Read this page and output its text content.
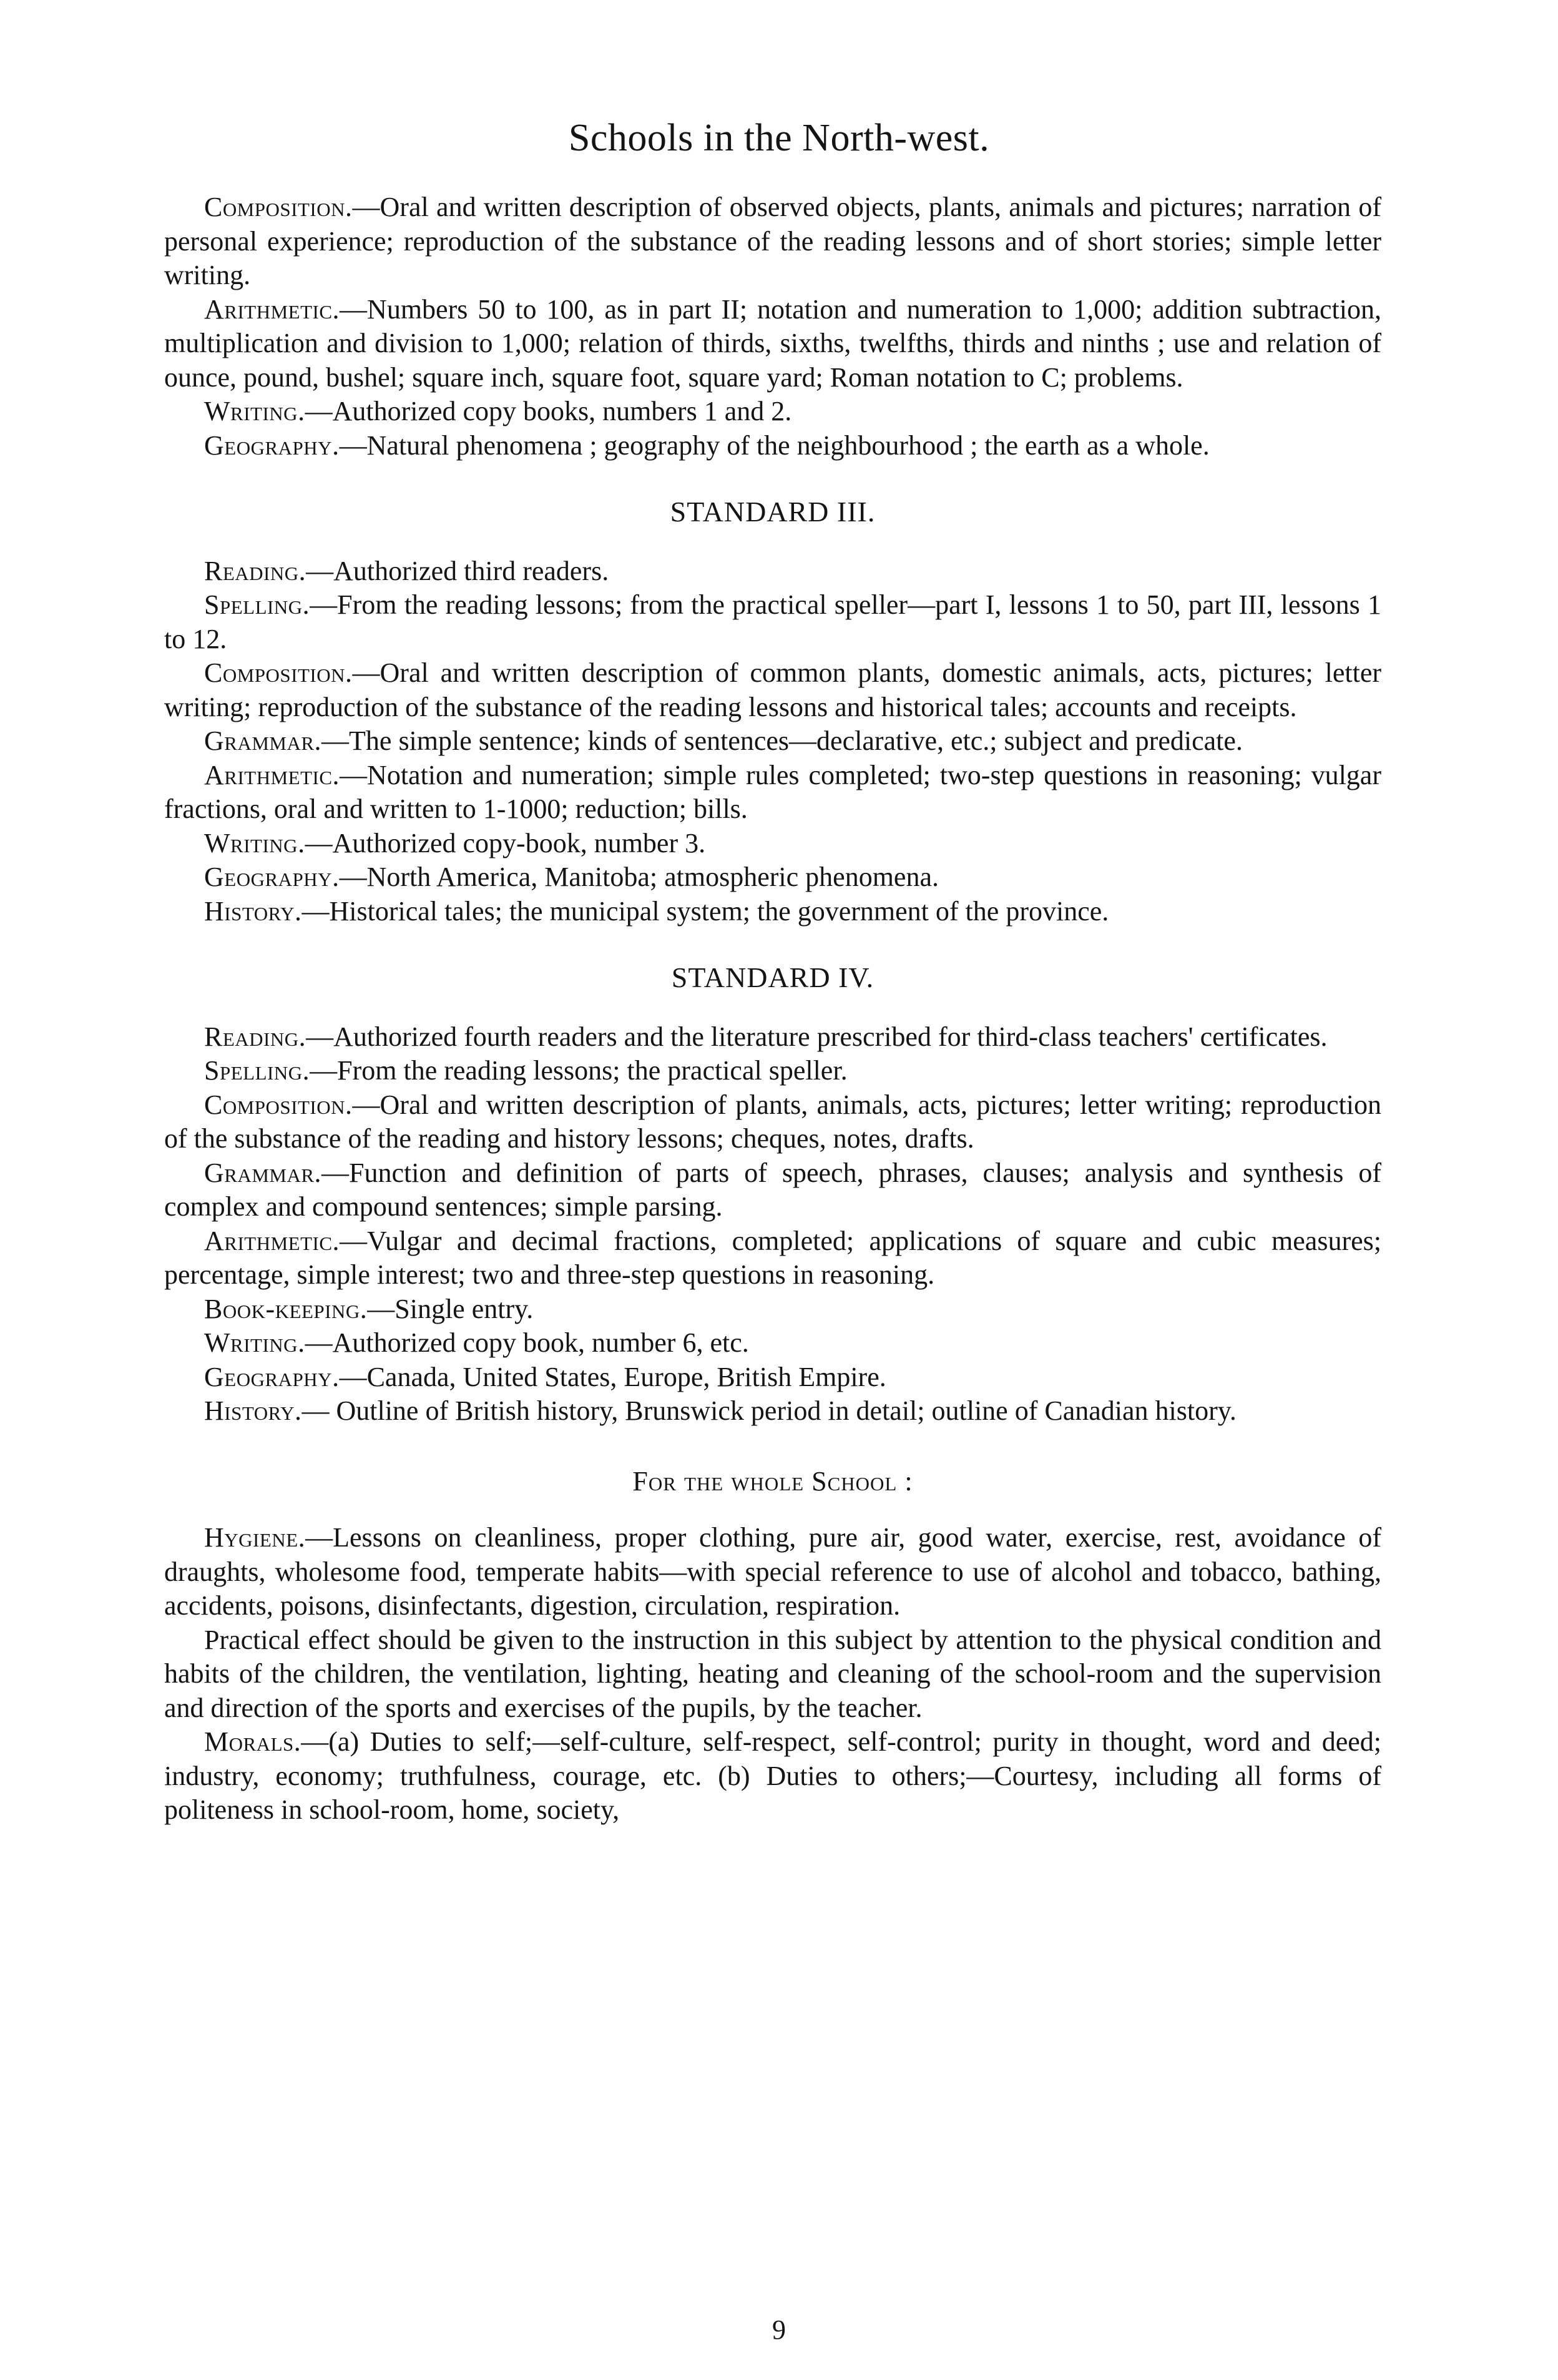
Schools in the North-west.

Composition.—Oral and written description of observed objects, plants, animals and pictures; narration of personal experience; reproduction of the substance of the reading lessons and of short stories; simple letter writing.

Arithmetic.—Numbers 50 to 100, as in part II; notation and numeration to 1,000; addition subtraction, multiplication and division to 1,000; relation of thirds, sixths, twelfths, thirds and ninths ; use and relation of ounce, pound, bushel; square inch, square foot, square yard; Roman notation to C; problems.

Writing.—Authorized copy books, numbers 1 and 2.

Geography.—Natural phenomena ; geography of the neighbourhood ; the earth as a whole.

STANDARD III.

Reading.—Authorized third readers.

Spelling.—From the reading lessons; from the practical speller—part I, lessons 1 to 50, part III, lessons 1 to 12.

Composition.—Oral and written description of common plants, domestic animals, acts, pictures; letter writing; reproduction of the substance of the reading lessons and historical tales; accounts and receipts.

Grammar.—The simple sentence; kinds of sentences—declarative, etc.; subject and predicate.

Arithmetic.—Notation and numeration; simple rules completed; two-step questions in reasoning; vulgar fractions, oral and written to 1-1000; reduction; bills.

Writing.—Authorized copy-book, number 3.

Geography.—North America, Manitoba; atmospheric phenomena.

History.—Historical tales; the municipal system; the government of the province.

STANDARD IV.

Reading.—Authorized fourth readers and the literature prescribed for third-class teachers' certificates.

Spelling.—From the reading lessons; the practical speller.

Composition.—Oral and written description of plants, animals, acts, pictures; letter writing; reproduction of the substance of the reading and history lessons; cheques, notes, drafts.

Grammar.—Function and definition of parts of speech, phrases, clauses; analysis and synthesis of complex and compound sentences; simple parsing.

Arithmetic.—Vulgar and decimal fractions, completed; applications of square and cubic measures; percentage, simple interest; two and three-step questions in reasoning.

Book-keeping.—Single entry.

Writing.—Authorized copy book, number 6, etc.

Geography.—Canada, United States, Europe, British Empire.

History.— Outline of British history, Brunswick period in detail; outline of Canadian history.

For the whole School :

Hygiene.—Lessons on cleanliness, proper clothing, pure air, good water, exercise, rest, avoidance of draughts, wholesome food, temperate habits—with special reference to use of alcohol and tobacco, bathing, accidents, poisons, disinfectants, digestion, circulation, respiration.

Practical effect should be given to the instruction in this subject by attention to the physical condition and habits of the children, the ventilation, lighting, heating and cleaning of the school-room and the supervision and direction of the sports and exercises of the pupils, by the teacher.

Morals.—(a) Duties to self;—self-culture, self-respect, self-control; purity in thought, word and deed; industry, economy; truthfulness, courage, etc. (b) Duties to others;—Courtesy, including all forms of politeness in school-room, home, society,

9
